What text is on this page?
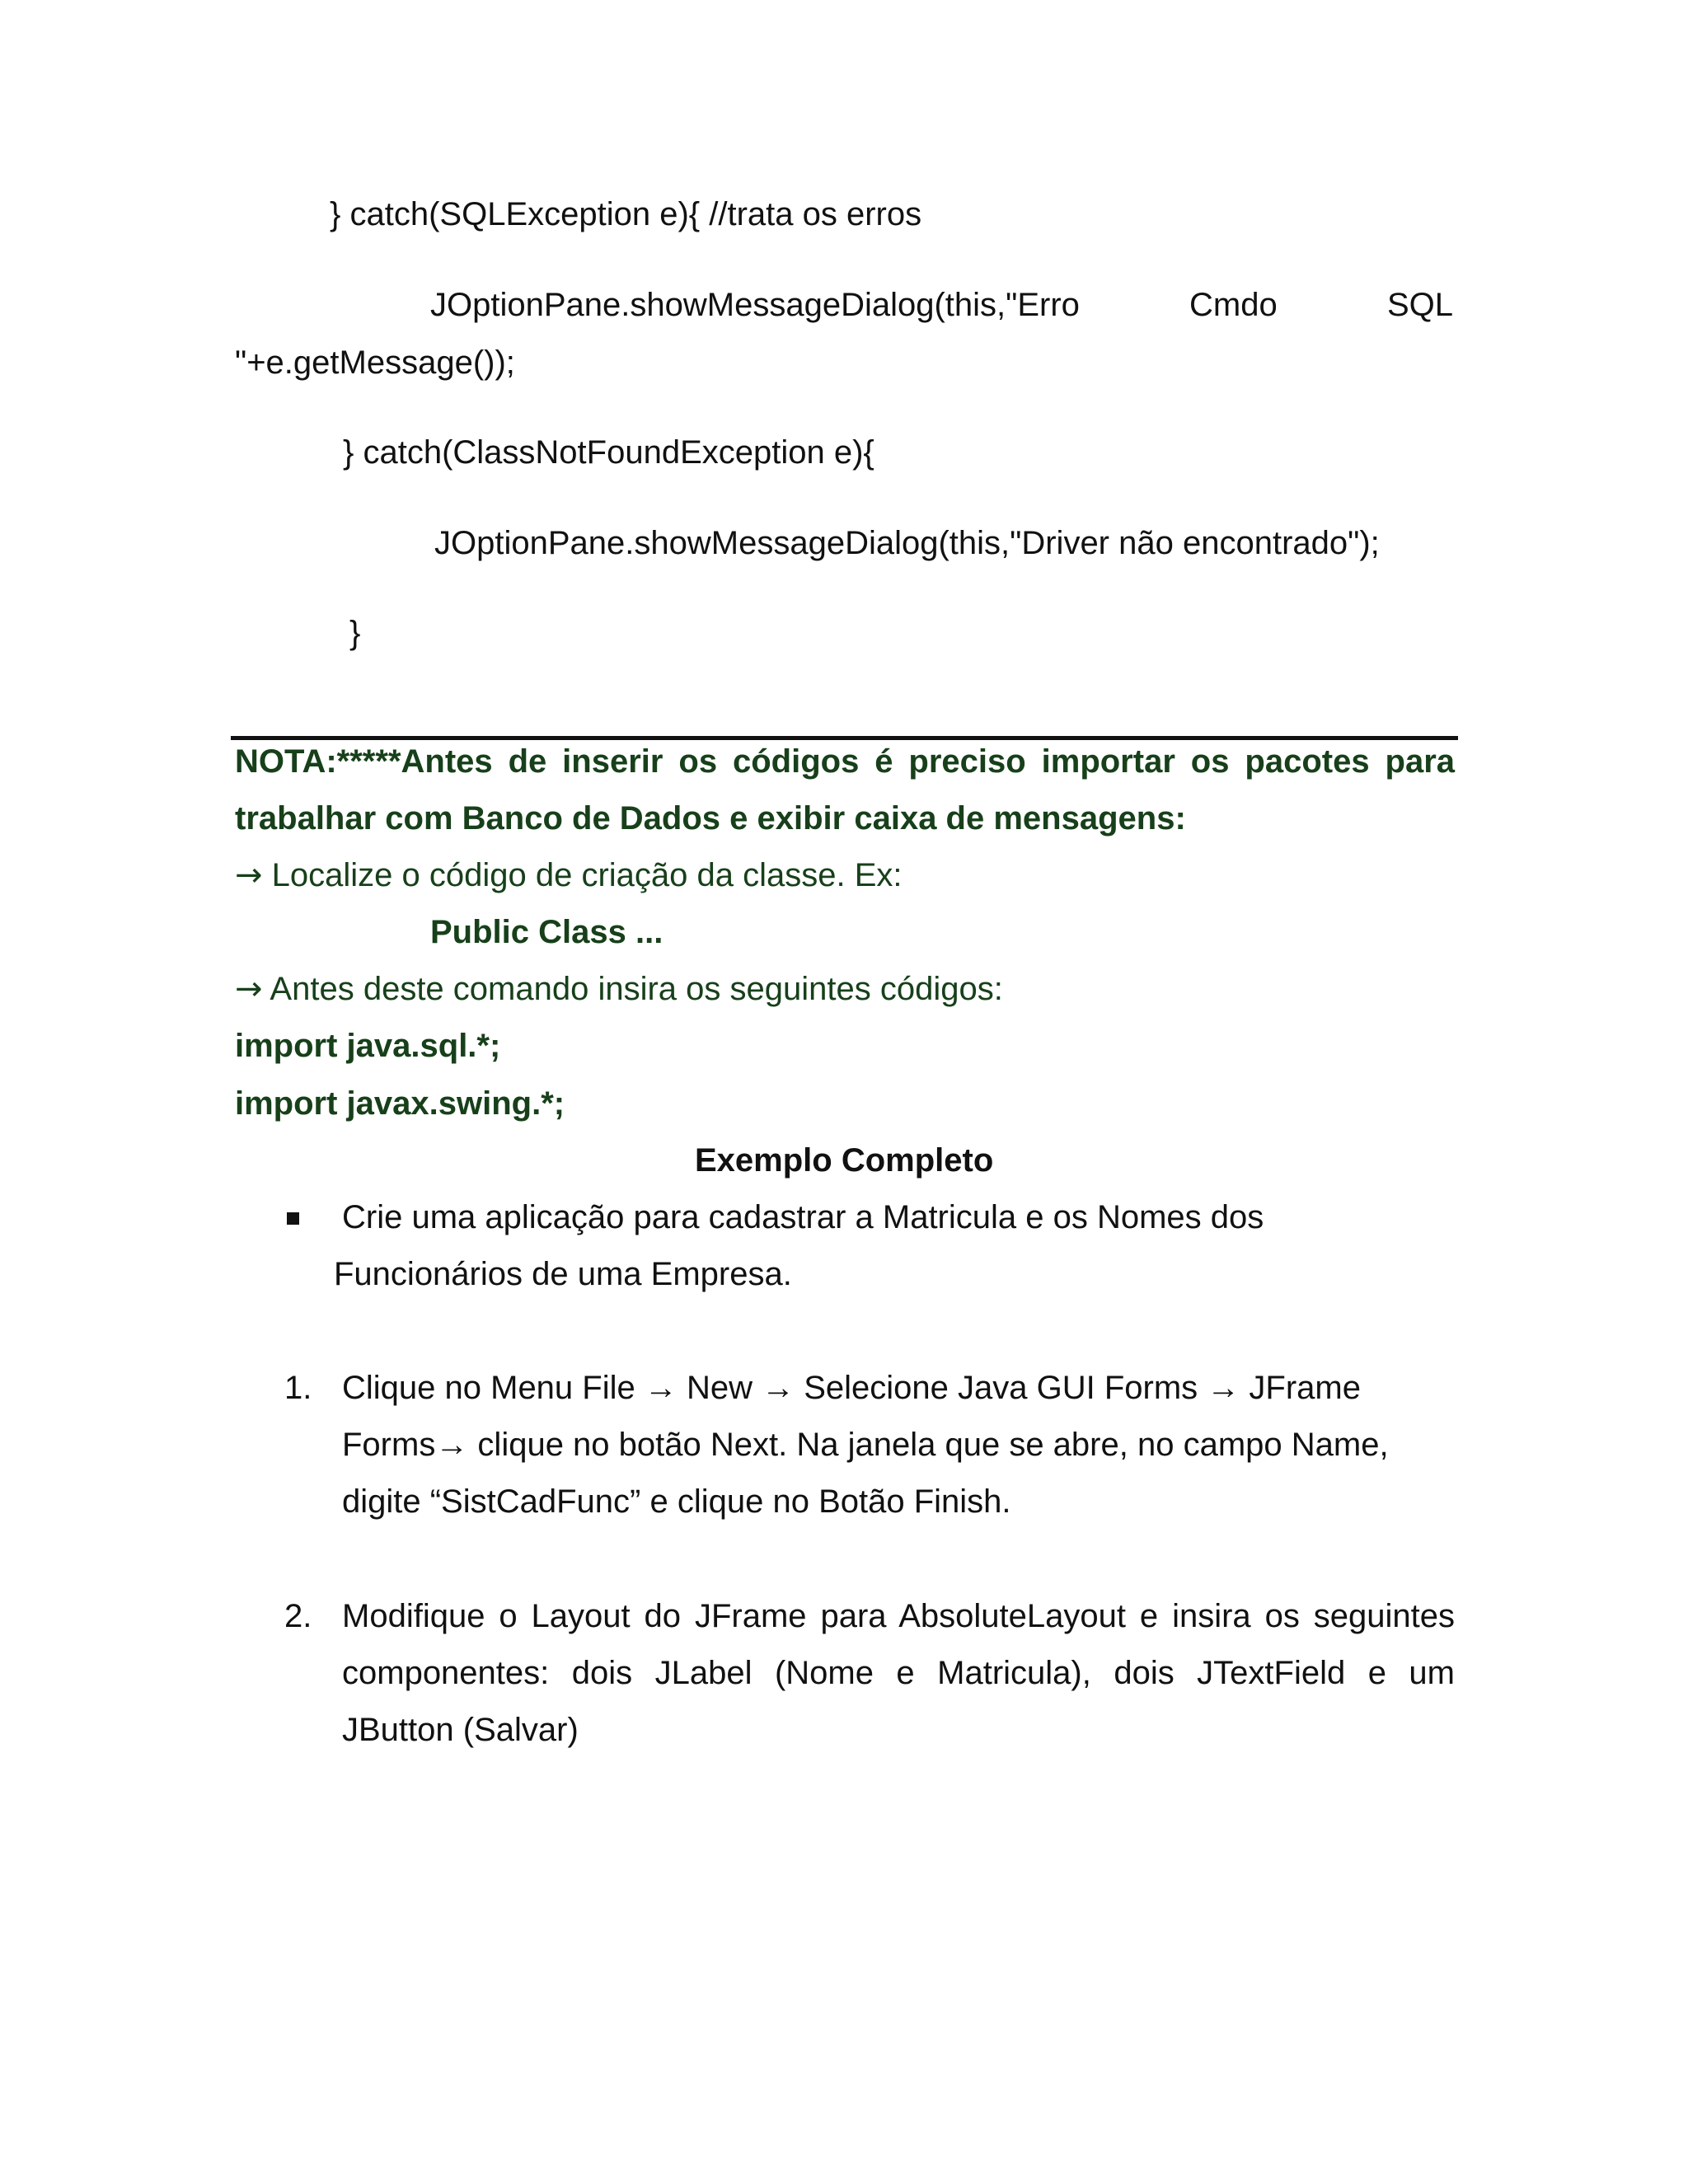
} catch(SQLException e){ //trata os erros
JOptionPane.showMessageDialog(this,"Erro	Cmdo	SQL
"+e.getMessage());
} catch(ClassNotFoundException e){
JOptionPane.showMessageDialog(this,"Driver não encontrado");
}
NOTA:*****Antes de inserir os códigos é preciso importar os pacotes para
trabalhar com Banco de Dados e exibir caixa de mensagens:
→ Localize o código de criação da classe. Ex:
Public Class ...
→ Antes deste comando insira os seguintes códigos:
import java.sql.*;
import javax.swing.*;
Exemplo Completo
Crie uma aplicação para cadastrar a Matricula e os Nomes dos
Funcionários de uma Empresa.
1. Clique no Menu File → New → Selecione Java GUI Forms → JFrame
Forms→ clique no botão Next. Na janela que se abre, no campo Name,
digite “SistCadFunc” e clique no Botão Finish.
2. Modifique o Layout do JFrame para AbsoluteLayout e insira os seguintes
componentes: dois JLabel (Nome e Matricula), dois JTextField e um
JButton (Salvar)
